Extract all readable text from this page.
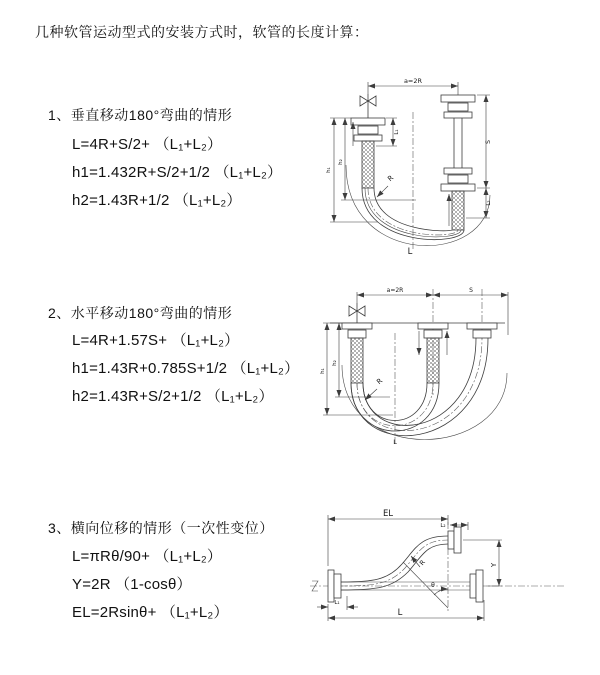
几种软管运动型式的安装方式时，软管的长度计算：
1、垂直移动180°弯曲的情形
L=4R+S/2+ （L₁+L₂）
h1=1.432R+S/2+1/2 （L₁+L₂）
h2=1.43R+1/2 （L₁+L₂）
2、水平移动180°弯曲的情形
L=4R+1.57S+ （L₁+L₂）
h1=1.43R+0.785S+1/2 （L₁+L₂）
h2=1.43R+S/2+1/2 （L₁+L₂）
3、横向位移的情形（一次性变位）
L=πRθ/90+ （L₁+L₂）
Y=2R （1-cosθ）
EL=2Rsinθ+ （L₁+L₂）
a=2R
L₁
S
L₂
h₁
h₂
R
L
a=2R	S
h₁
h₂
R
L
EL
L₂
Y
L
L₁
θ
R
